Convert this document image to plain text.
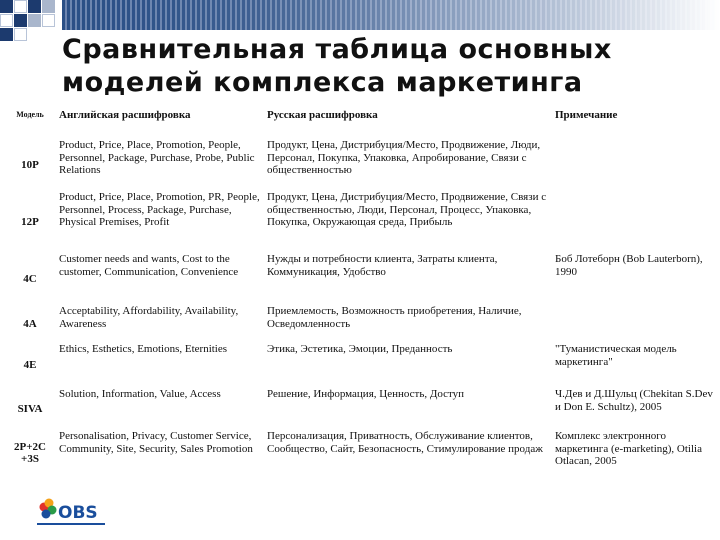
Сравнительная таблица основных
моделей комплекса маркетинга
Модель	Английская расшифровка	Русская расшифровка	Примечание
10P	Product, Price, Place, Promotion, People, Personnel, Package, Purchase, Probe, Public Relations	Продукт, Цена, Дистрибуция/Место, Продвижение, Люди, Персонал, Покупка, Упаковка, Апробирование, Связи с общественностью	
12P	Product, Price, Place, Promotion, PR, People, Personnel, Process, Package, Purchase, Physical Premises, Profit	Продукт, Цена, Дистрибуция/Место, Продвижение, Связи с общественностью, Люди, Персонал, Процесс, Упаковка, Покупка, Окружающая среда, Прибыль	
4C	Customer needs and wants, Cost to the customer, Communication, Convenience	Нужды и потребности клиента, Затраты клиента, Коммуникация, Удобство	Боб Лотеборн (Bob Lauterborn), 1990
4A	Acceptability, Affordability, Availability, Awareness	Приемлемость, Возможность приобретения, Наличие, Осведомленность	
4E	Ethics, Esthetics, Emotions, Eternities	Этика, Эстетика, Эмоции, Преданность	"Туманистическая модель маркетинга"
SIVA	Solution, Information, Value, Access	Решение, Информация, Ценность, Доступ	Ч.Дев и Д.Шульц (Chekitan S.Dev и Don E. Schultz), 2005
2P+2C +3S	Personalisation, Privacy, Customer Service, Community, Site, Security, Sales Promotion	Персонализация, Приватность, Обслуживание клиентов, Сообщество, Сайт, Безопасность, Стимулирование продаж	Комплекс электронного маркетинга (e-marketing), Otilia Otlacan, 2005
OBS
